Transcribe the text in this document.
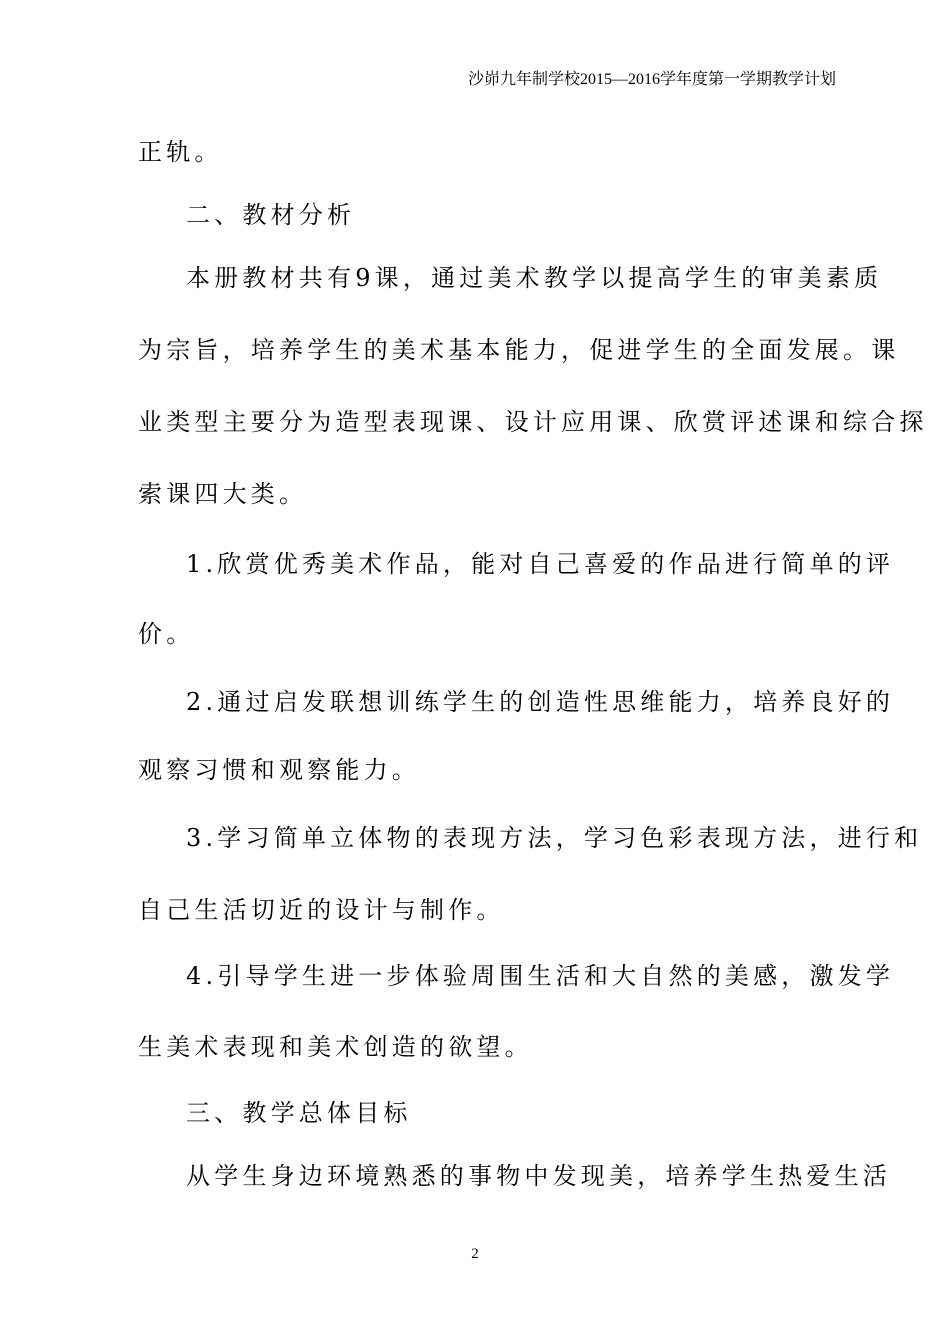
沙峁九年制学校2015—2016学年度第一学期教学计划
正轨。
二、教材分析
本册教材共有9课，通过美术教学以提高学生的审美素质
为宗旨，培养学生的美术基本能力，促进学生的全面发展。课
业类型主要分为造型表现课、设计应用课、欣赏评述课和综合探
索课四大类。
1.欣赏优秀美术作品，能对自己喜爱的作品进行简单的评
价。
2.通过启发联想训练学生的创造性思维能力，培养良好的
观察习惯和观察能力。
3.学习简单立体物的表现方法，学习色彩表现方法，进行和
自己生活切近的设计与制作。
4.引导学生进一步体验周围生活和大自然的美感，激发学
生美术表现和美术创造的欲望。
三、教学总体目标
从学生身边环境熟悉的事物中发现美，培养学生热爱生活
2
